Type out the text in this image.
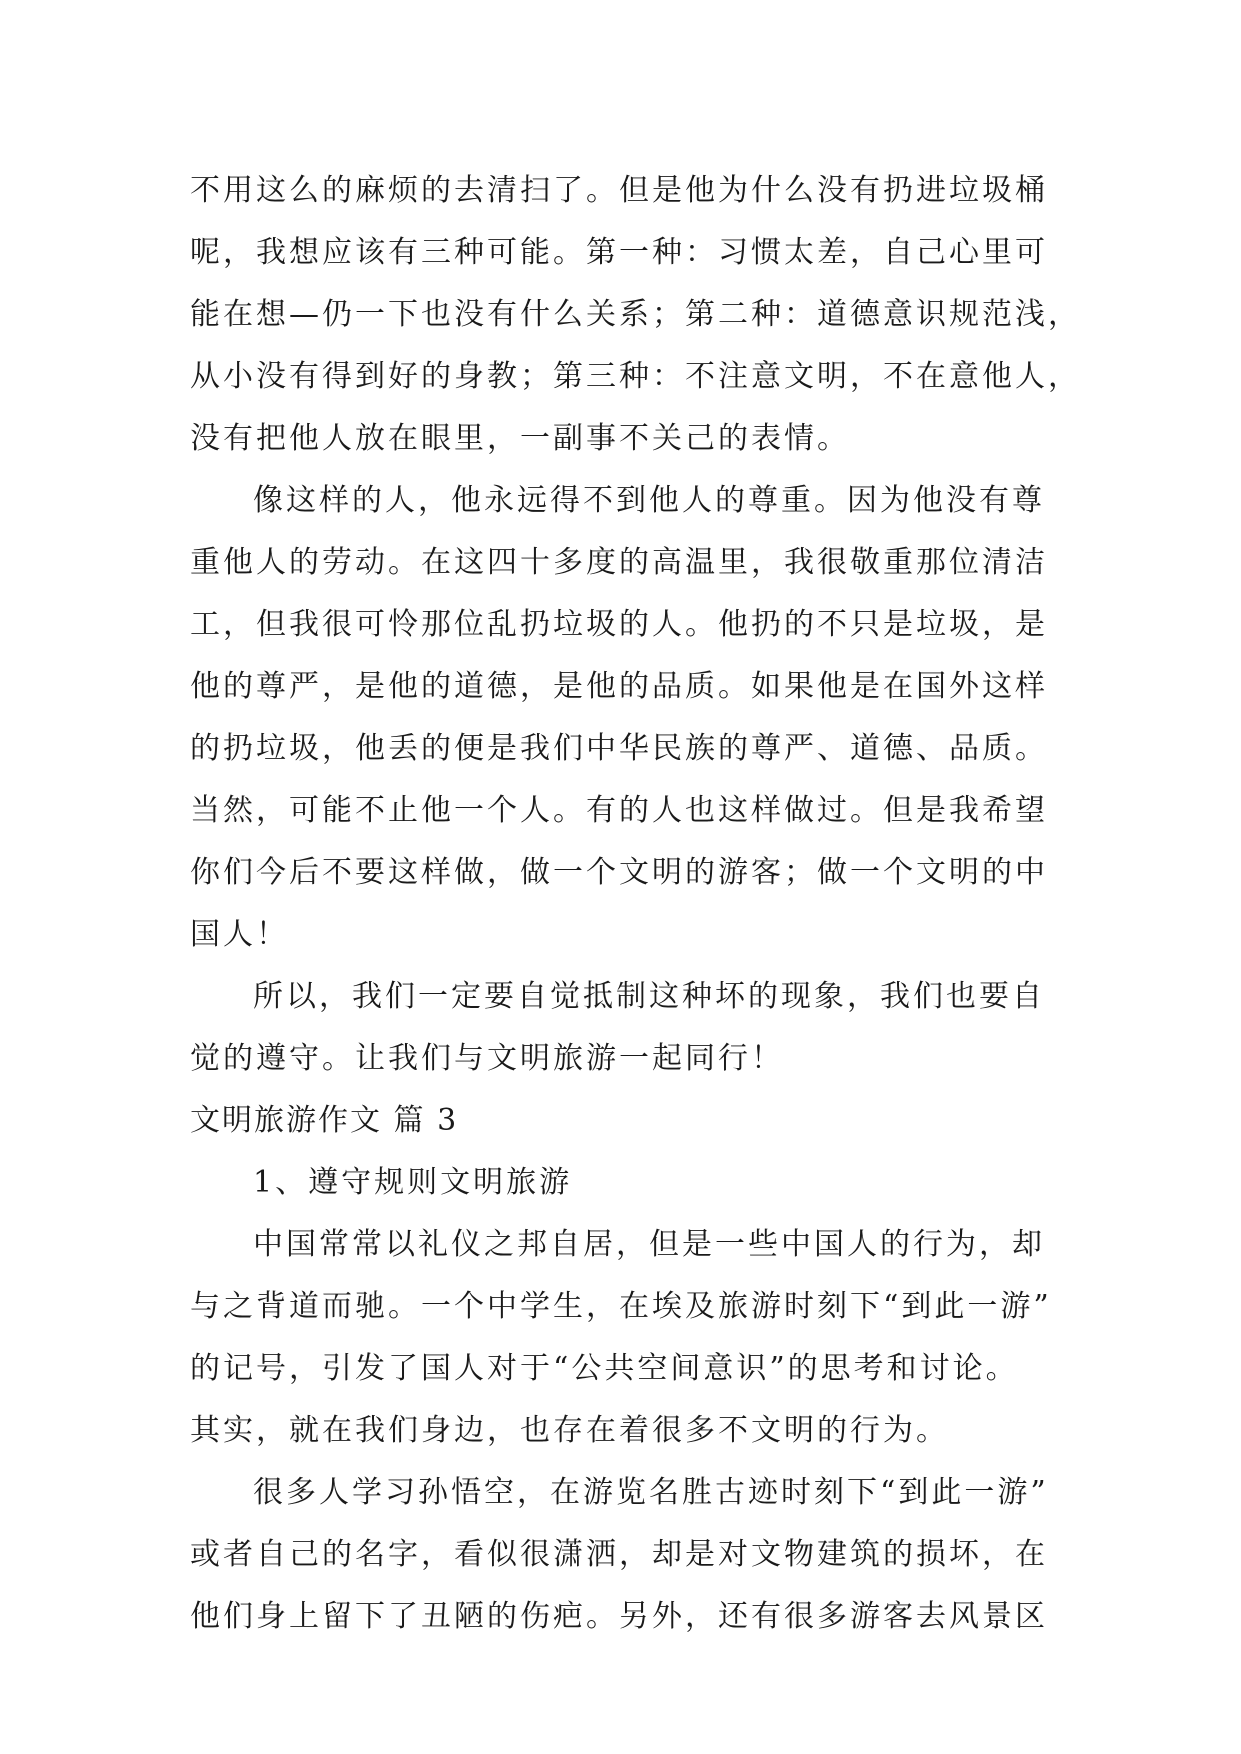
不用这么的麻烦的去清扫了。但是他为什么没有扔进垃圾桶
呢，我想应该有三种可能。第一种：习惯太差，自己心里可
能在想—仍一下也没有什么关系；第二种：道德意识规范浅，
从小没有得到好的身教；第三种：不注意文明，不在意他人，
没有把他人放在眼里，一副事不关己的表情。
像这样的人，他永远得不到他人的尊重。因为他没有尊
重他人的劳动。在这四十多度的高温里，我很敬重那位清洁
工，但我很可怜那位乱扔垃圾的人。他扔的不只是垃圾，是
他的尊严，是他的道德，是他的品质。如果他是在国外这样
的扔垃圾，他丢的便是我们中华民族的尊严、道德、品质。
当然，可能不止他一个人。有的人也这样做过。但是我希望
你们今后不要这样做，做一个文明的游客；做一个文明的中
国人！
所以，我们一定要自觉抵制这种坏的现象，我们也要自
觉的遵守。让我们与文明旅游一起同行！
文明旅游作文 篇 3
1、遵守规则文明旅游
中国常常以礼仪之邦自居，但是一些中国人的行为，却
与之背道而驰。一个中学生，在埃及旅游时刻下“到此一游”
的记号，引发了国人对于“公共空间意识”的思考和讨论。
其实，就在我们身边，也存在着很多不文明的行为。
很多人学习孙悟空，在游览名胜古迹时刻下“到此一游”
或者自己的名字，看似很潇洒，却是对文物建筑的损坏，在
他们身上留下了丑陋的伤疤。另外，还有很多游客去风景区
